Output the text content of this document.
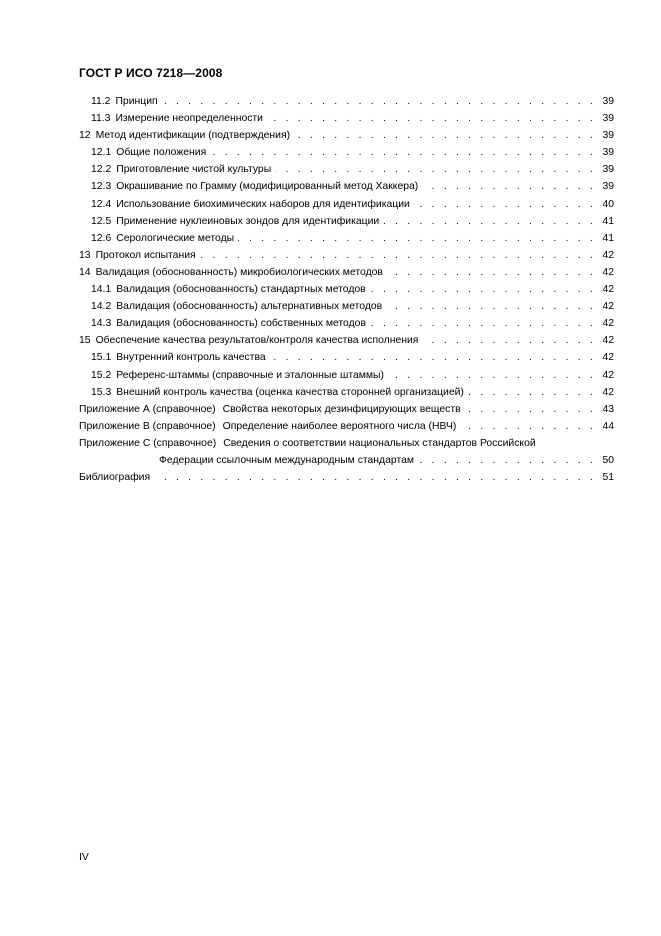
ГОСТ Р ИСО 7218—2008
11.2 Принцип . . .	39
11.3 Измерение неопределенности . . .	39
12 Метод идентификации (подтверждения) . . .	39
12.1 Общие положения . . .	39
12.2 Приготовление чистой культуры . . .	39
12.3 Окрашивание по Грамму (модифицированный метод Хаккера) . . .	39
12.4 Использование биохимических наборов для идентификации . . .	40
12.5 Применение нуклеиновых зондов для идентификации . . .	41
12.6 Серологические методы . . .	41
13 Протокол испытания . . .	42
14 Валидация (обоснованность) микробиологических методов . . .	42
14.1 Валидация (обоснованность) стандартных методов . . .	42
14.2 Валидация (обоснованность) альтернативных методов . . .	42
14.3 Валидация (обоснованность) собственных методов . . .	42
15 Обеспечение качества результатов/контроля качества исполнения . . .	42
15.1 Внутренний контроль качества . . .	42
15.2 Референс-штаммы (справочные и эталонные штаммы) . . .	42
15.3 Внешний контроль качества (оценка качества сторонней организацией) . . .	42
Приложение А (справочное) Свойства некоторых дезинфицирующих веществ . . .	43
Приложение В (справочное) Определение наиболее вероятного числа (НВЧ) . . .	44
Приложение С (справочное) Сведения о соответствии национальных стандартов Российской
Федерации ссылочным международным стандартам . . .	50
Библиография . . .	51
IV
